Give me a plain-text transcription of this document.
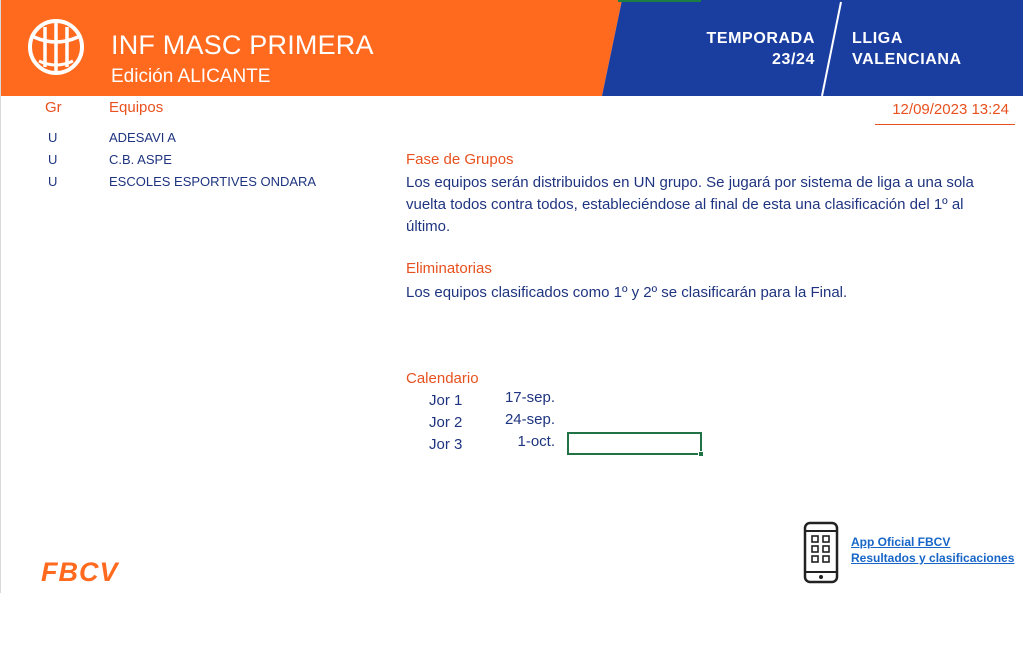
INF MASC PRIMERA
Edición ALICANTE
TEMPORADA
23/24
LLIGA
VALENCIANA
Gr	Equipos
U	ADESAVI A
U	C.B. ASPE
U	ESCOLES ESPORTIVES ONDARA
12/09/2023 13:24
Fase de Grupos
Los equipos serán distribuidos en UN grupo. Se jugará por sistema de liga a una sola
vuelta todos contra todos, estableciéndose al final de esta una clasificación del 1º al
último.
Eliminatorias
Los equipos clasificados como 1º y 2º se clasificarán para la Final.
Calendario
Jor 1	17-sep.
Jor 2	24-sep.
Jor 3	1-oct.
FBCV
App Oficial FBCV
Resultados y clasificaciones
